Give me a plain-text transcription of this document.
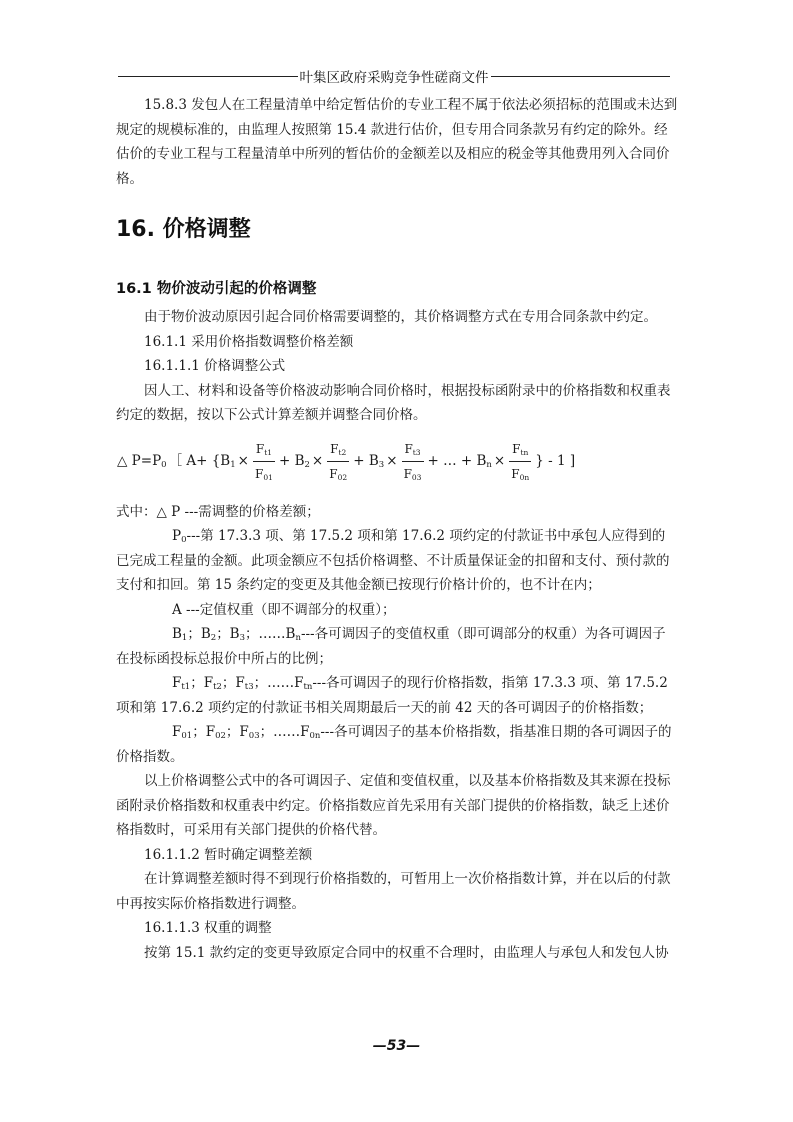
叶集区政府采购竞争性磋商文件

15.8.3 发包人在工程量清单中给定暂估价的专业工程不属于依法必须招标的范围或未达到规定的规模标准的，由监理人按照第 15.4 款进行估价，但专用合同条款另有约定的除外。经估价的专业工程与工程量清单中所列的暂估价的金额差以及相应的税金等其他费用列入合同价格。

16. 价格调整
16.1 物价波动引起的价格调整

由于物价波动原因引起合同价格需要调整的，其价格调整方式在专用合同条款中约定。

16.1.1 采用价格指数调整价格差额

16.1.1.1 价格调整公式

因人工、材料和设备等价格波动影响合同价格时，根据投标函附录中的价格指数和权重表约定的数据，按以下公式计算差额并调整合同价格。

△ $P=P_0$ ［ $A+ \{B_1 \times \frac{F_{t1}}{F_{01}} + B_2 \times \frac{F_{t2}}{F_{02}} + B_3 \times \frac{F_{t3}}{F_{03}}$ + … + $B_n \times \frac{F_{tn}}{F_{0n}}$ } - 1 ]

式中：△ P ---需调整的价格差额；

$P_0---$第 17.3.3 项、第 17.5.2 项和第 17.6.2 项约定的付款证书中承包人应得到的已完成工程量的金额。此项金额应不包括价格调整、不计质量保证金的扣留和支付、预付款的支付和扣回。第 15 条约定的变更及其他金额已按现行价格计价的，也不计在内；

A ---定值权重（即不调部分的权重）；

$B_1$；$B_2$；$B_3$；$\dots\dots B_n---$各可调因子的变值权重（即可调部分的权重）为各可调因子在投标函投标总报价中所占的比例；

$F_{t1}$；$F_{t2}$；$F_{t3}$；$\dots\dots F_{tn}---$各可调因子的现行价格指数，指第 17.3.3 项、第 17.5.2 项和第 17.6.2 项约定的付款证书相关周期最后一天的前 42 天的各可调因子的价格指数；

$F_{01}$；$F_{02}$；$F_{03}$；$\dots\dots F_{0n}---$各可调因子的基本价格指数，指基准日期的各可调因子的价格指数。

以上价格调整公式中的各可调因子、定值和变值权重，以及基本价格指数及其来源在投标函附录价格指数和权重表中约定。价格指数应首先采用有关部门提供的价格指数，缺乏上述价格指数时，可采用有关部门提供的价格代替。

16.1.1.2 暂时确定调整差额

在计算调整差额时得不到现行价格指数的，可暂用上一次价格指数计算，并在以后的付款中再按实际价格指数进行调整。

16.1.1.3 权重的调整

按第 15.1 款约定的变更导致原定合同中的权重不合理时，由监理人与承包人和发包人协

—53—
